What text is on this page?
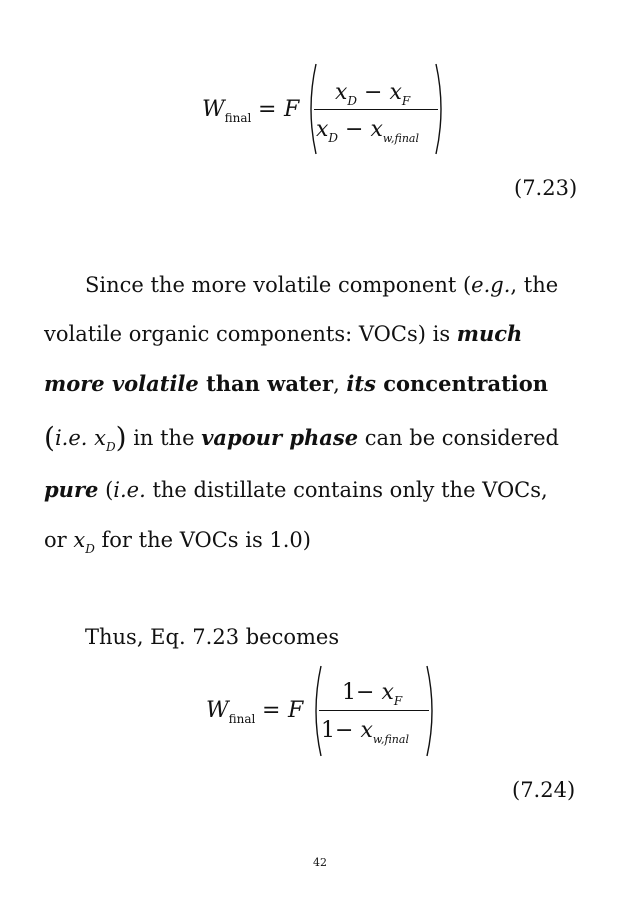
$W_{final} = F$
$x_D - x_F$
$x_D - x_{w,final}$
(7.23)
Since the more volatile component (e.g., the
volatile organic components: VOCs) is much
more volatile than water, its concentration
(i.e. $x_D$) in the vapour phase can be considered
pure (i.e. the distillate contains only the VOCs,
or $x_D$ for the VOCs is 1.0)
Thus, Eq. 7.23 becomes
$W_{final} = F$
$1- x_F$
$1- x_{w,final}$
(7.24)
42
